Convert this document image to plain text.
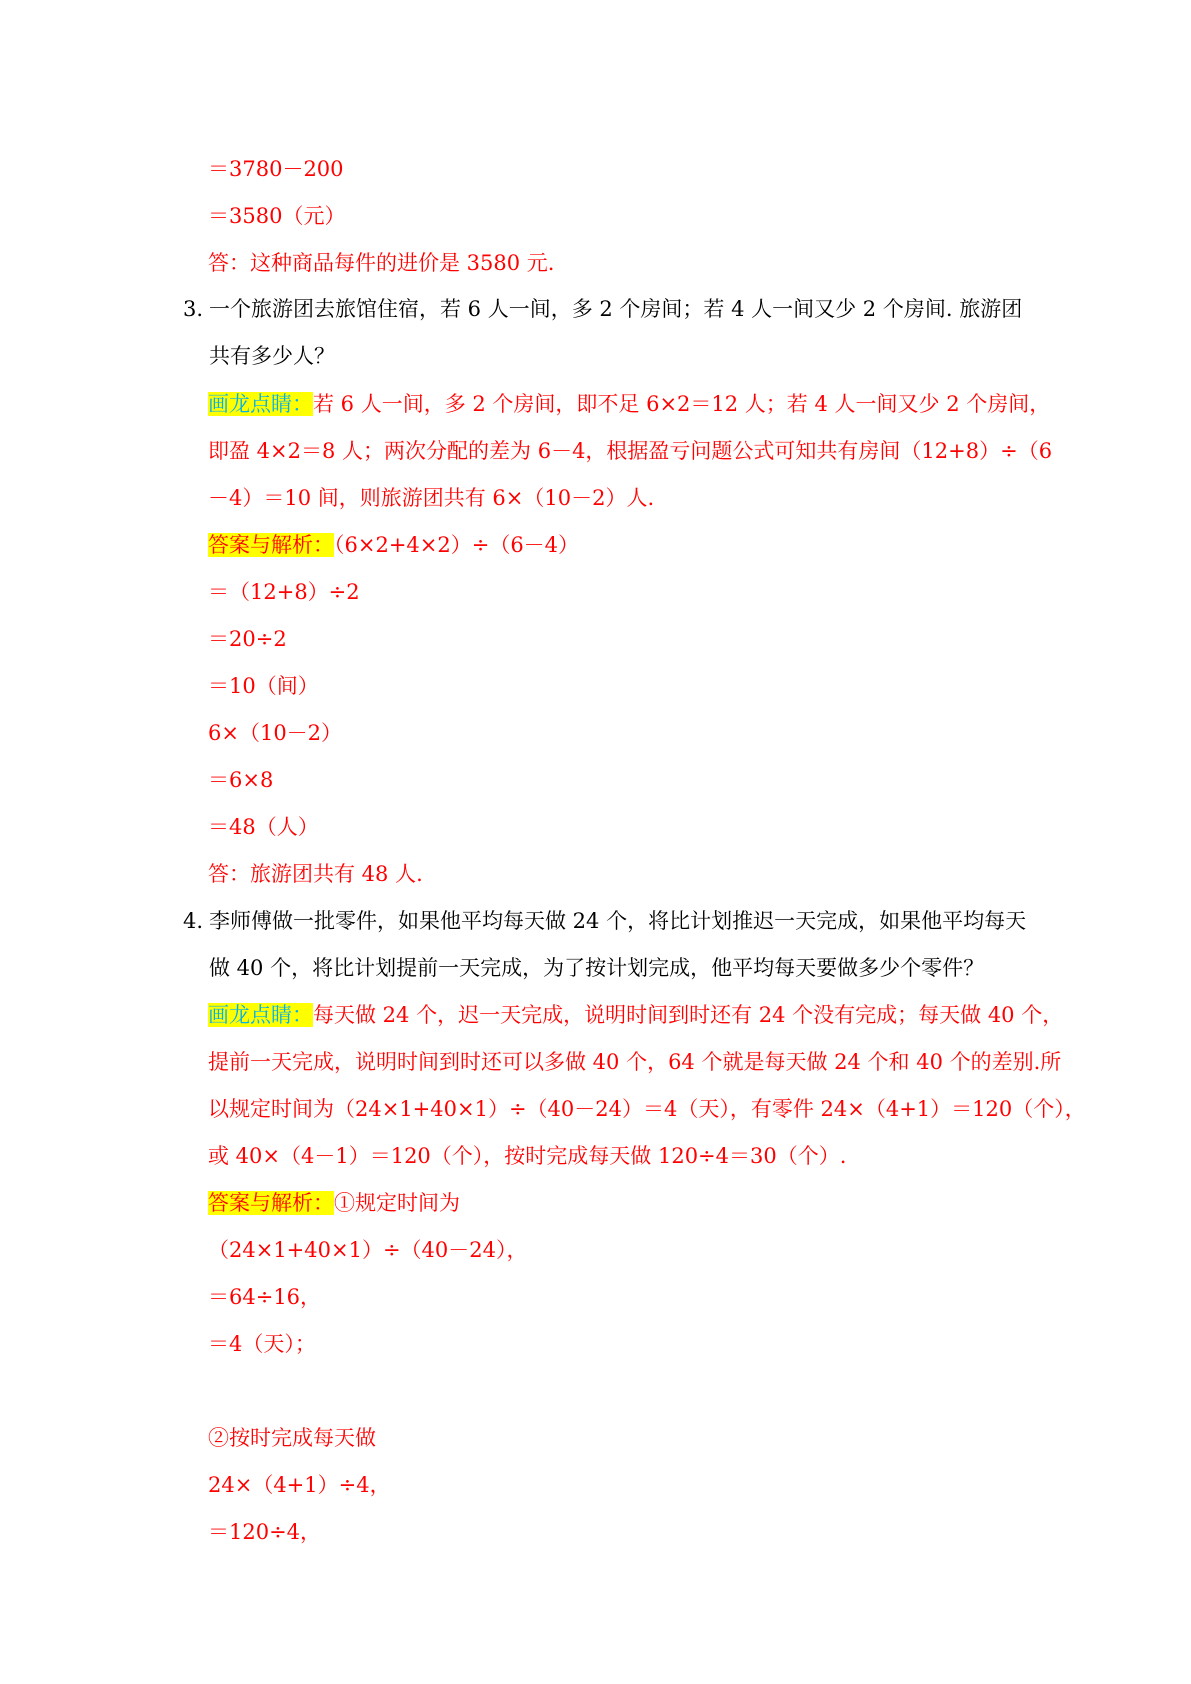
＝3780－200
＝3580（元）
答：这种商品每件的进价是 3580 元.
3. 一个旅游团去旅馆住宿，若 6 人一间，多 2 个房间；若 4 人一间又少 2 个房间. 旅游团
共有多少人？
画龙点睛：若 6 人一间，多 2 个房间，即不足 6×2＝12 人；若 4 人一间又少 2 个房间，
即盈 4×2＝8 人；两次分配的差为 6－4，根据盈亏问题公式可知共有房间（12+8）÷（6
－4）＝10 间，则旅游团共有 6×（10－2）人.
答案与解析：（6×2+4×2）÷（6－4）
＝（12+8）÷2
＝20÷2
＝10（间）
6×（10－2）
＝6×8
＝48（人）
答：旅游团共有 48 人.
4. 李师傅做一批零件，如果他平均每天做 24 个，将比计划推迟一天完成，如果他平均每天
做 40 个，将比计划提前一天完成，为了按计划完成，他平均每天要做多少个零件？
画龙点睛：每天做 24 个，迟一天完成，说明时间到时还有 24 个没有完成；每天做 40 个，
提前一天完成，说明时间到时还可以多做 40 个，64 个就是每天做 24 个和 40 个的差别.所
以规定时间为（24×1+40×1）÷（40－24）＝4（天），有零件 24×（4+1）＝120（个），
或 40×（4－1）＝120（个），按时完成每天做 120÷4＝30（个）.
答案与解析：①规定时间为
（24×1+40×1）÷（40－24），
＝64÷16，
＝4（天）；
②按时完成每天做
24×（4+1）÷4，
＝120÷4，
